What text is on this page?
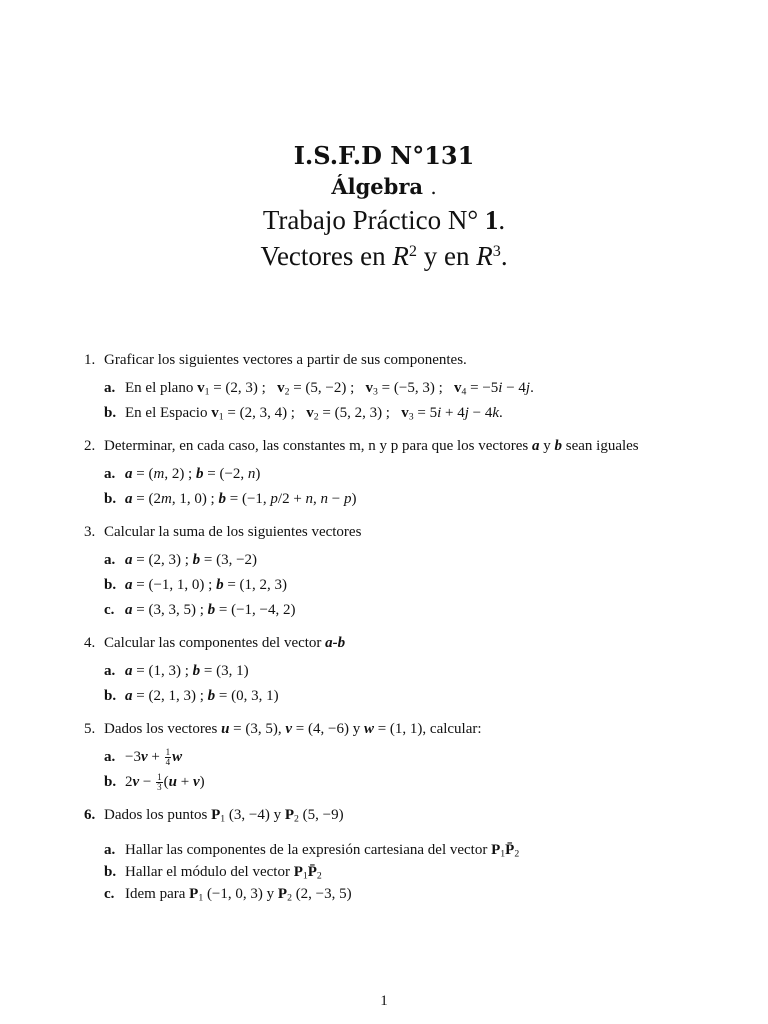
I.S.F.D N°131
Álgebra .
Trabajo Práctico N° 1.
Vectores en $R^2$ y en $R^3$.
1. Graficar los siguientes vectores a partir de sus componentes.
a. En el plano $v_1 = (2$, 3) ;   $v_2 = (5$, −2) ;   $v_3 = (-5$, 3) ;   $v_4 = -5i - 4j$.
b. En el Espacio $v_1 = (2$, 3, 4) ;   $v_2 = (5$, 2, 3) ;   $v_3 = 5i + 4j - 4k$.
2. Determinar, en cada caso, las constantes m, n y p para que los vectores a y b sean iguales
a. a = (m, 2) ; b = (−2, n)
b. a = (2m, 1, 0) ; b = (−1, p/2 + n, n − p)
3. Calcular la suma de los siguientes vectores
a. a = (2, 3) ; b = (3, −2)
b. a = (−1, 1, 0) ; b = (1, 2, 3)
c. a = (3, 3, 5) ; b = (−1, −4, 2)
4. Calcular las componentes del vector a-b
a. a = (1, 3) ; b = (3, 1)
b. a = (2, 1, 3) ; b = (0, 3, 1)
5. Dados los vectores u = (3, 5), v = (4, −6) y w = (1, 1), calcular:
a. $-3v + \frac{1}{4}$ w
b. $2v - \frac{1}{3} (u + v)$
6. Dados los puntos $P_1$ (3, −4) y $P_2$ (5, −9)
a. Hallar las componentes de la expresión cartesiana del vector $P_1P̄_2$
b. Hallar el módulo del vector $P_1P̄_2$
c. Idem para $P_1$ (−1, 0, 3) y $P_2$ (2, −3, 5)
1
